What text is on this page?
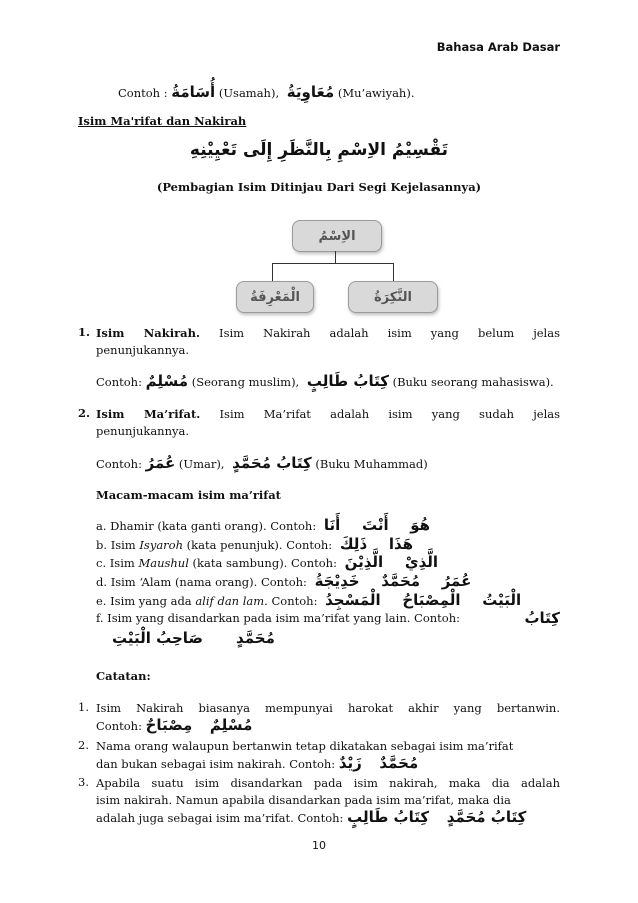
Bahasa Arab Dasar
Contoh : أُسَامَةُ (Usamah), مُعَاوِيَةُ (Mu’awiyah).
Isim Ma'rifat dan Nakirah
تَقْسِيْمُ الاِسْمِ بِالنَّظَرِ إِلَى تَعْيِيْنِهِ
(Pembagian Isim Ditinjau Dari Segi Kejelasannya)
الاِسْمُ
الْمَعْرِفَةُ	النَّكِرَةُ
1. Isim Nakirah. Isim Nakirah adalah isim yang belum jelas
penunjukannya.
Contoh: مُسْلِمٌ (Seorang muslim), كِتَابُ طَالِبٍ (Buku seorang mahasiswa).
2. Isim Ma’rifat. Isim Ma’rifat adalah isim yang sudah jelas
penunjukannya.
Contoh: عُمَرُ (Umar), كِتَابُ مُحَمَّدٍ (Buku Muhammad)
Macam-macam isim ma’rifat
a. Dhamir (kata ganti orang). Contoh: أَنَا أَنْتَ هُوَ
b. Isim Isyaroh (kata penunjuk). Contoh: ذَلِكَ هَذَا
c. Isim Maushul (kata sambung). Contoh: الَّذِيْنَ الَّذِيْ
d. Isim ‘Alam (nama orang). Contoh: خَدِيْجَةُ مُحَمَّدٌ عُمَرُ
e. Isim yang ada alif dan lam. Contoh: الْمَسْجِدُ الْمِصْبَاحُ الْبَيْتُ
f. Isim yang disandarkan pada isim ma’rifat yang lain. Contoh:	كِتَابُ
صَاحِبُ الْبَيْتِ مُحَمَّدٍ
Catatan:
1. Isim Nakirah biasanya mempunyai harokat akhir yang bertanwin.
Contoh: مِصْبَاحٌ مُسْلِمٌ
2. Nama orang walaupun bertanwin tetap dikatakan sebagai isim ma’rifat
dan bukan sebagai isim nakirah. Contoh: زَيْدٌ مُحَمَّدٌ
3. Apabila suatu isim disandarkan pada isim nakirah, maka dia adalah
isim nakirah. Namun apabila disandarkan pada isim ma’rifat, maka dia
adalah juga sebagai isim ma’rifat. Contoh: كِتَابُ طَالِبٍ كِتَابُ مُحَمَّدٍ
10
